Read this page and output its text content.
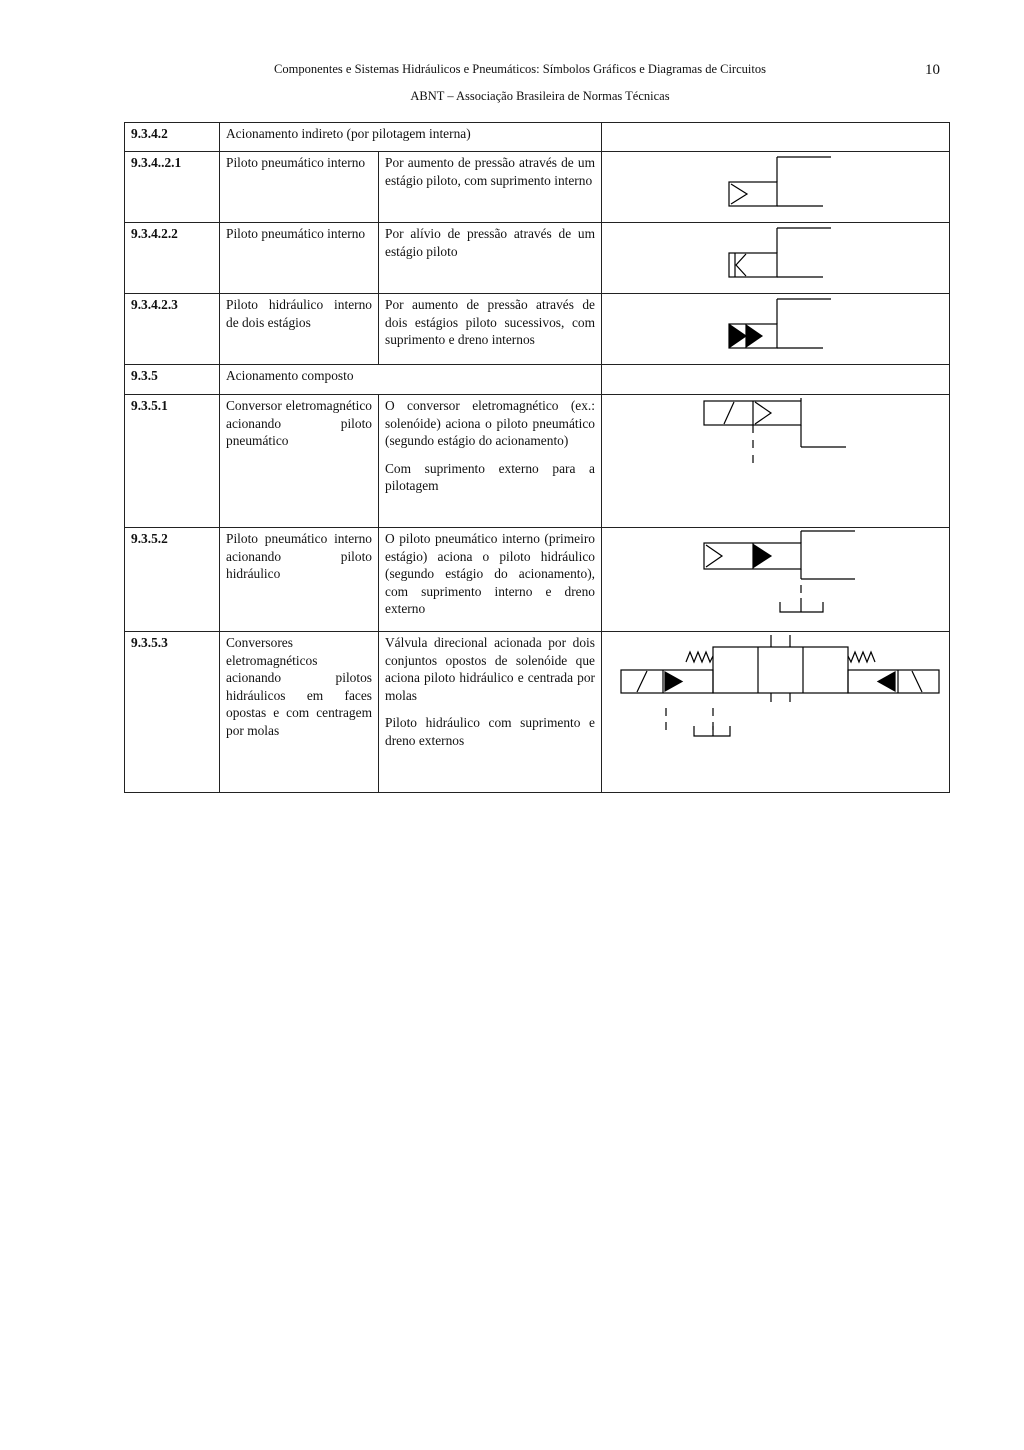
Componentes e Sistemas Hidráulicos e Pneumáticos: Símbolos Gráficos e Diagramas de Circuitos	10
ABNT – Associação Brasileira de Normas Técnicas
9.3.4.2	Acionamento indireto (por pilotagem interna)		
9.3.4..2.1	Piloto pneumático interno	Por aumento de pressão através de um estágio piloto, com suprimento interno	

9.3.4.2.2	Piloto pneumático interno	Por alívio de pressão através de um estágio piloto	

9.3.4.2.3	Piloto hidráulico interno de dois estágios	Por aumento de pressão através de dois estágios piloto sucessivos, com suprimento e dreno internos	

9.3.5	Acionamento composto		
9.3.5.1	Conversor eletromagnético acionando piloto pneumático	O conversor eletromagnético (ex.: solenóide) aciona o piloto pneumático (segundo estágio do acionamento)
Com suprimento externo para a pilotagem

9.3.5.2	Piloto pneumático interno acionando piloto hidráulico	O piloto pneumático interno (primeiro estágio) aciona o piloto hidráulico (segundo estágio do acionamento), com suprimento interno e dreno externo	

9.3.5.3	Conversores eletromagnéticos acionando pilotos hidráulicos em faces opostas e com centragem por molas	Válvula direcional acionada por dois conjuntos opostos de solenóide que aciona piloto hidráulico e centrada por molas
Piloto hidráulico com suprimento e dreno externos
